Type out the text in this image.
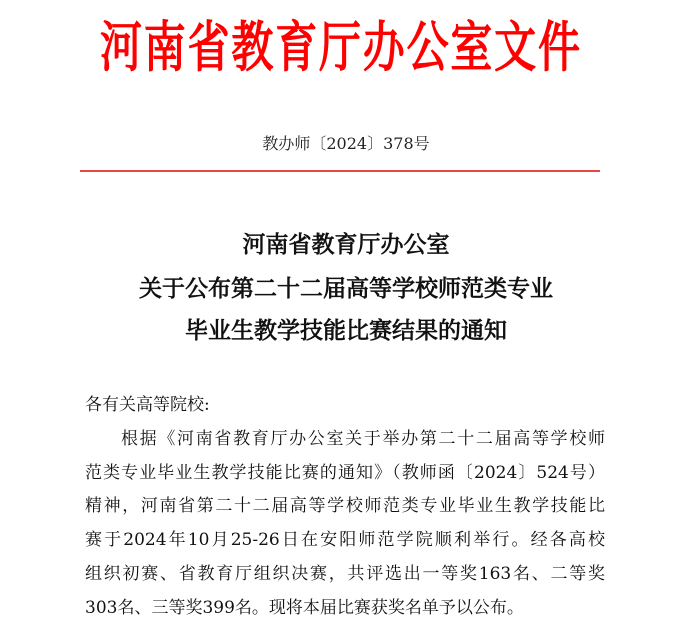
河南省教育厅办公室文件
教办师〔2024〕378号
河南省教育厅办公室
关于公布第二十二届高等学校师范类专业
毕业生教学技能比赛结果的通知
各有关高等院校:
根据《河南省教育厅办公室关于举办第二十二届高等学校师
范类专业毕业生教学技能比赛的通知》（教师函〔2024〕524号）
精神，河南省第二十二届高等学校师范类专业毕业生教学技能比
赛于2024年10月25-26日在安阳师范学院顺利举行。经各高校
组织初赛、省教育厅组织决赛，共评选出一等奖163名、二等奖
303名、三等奖399名。现将本届比赛获奖名单予以公布。
